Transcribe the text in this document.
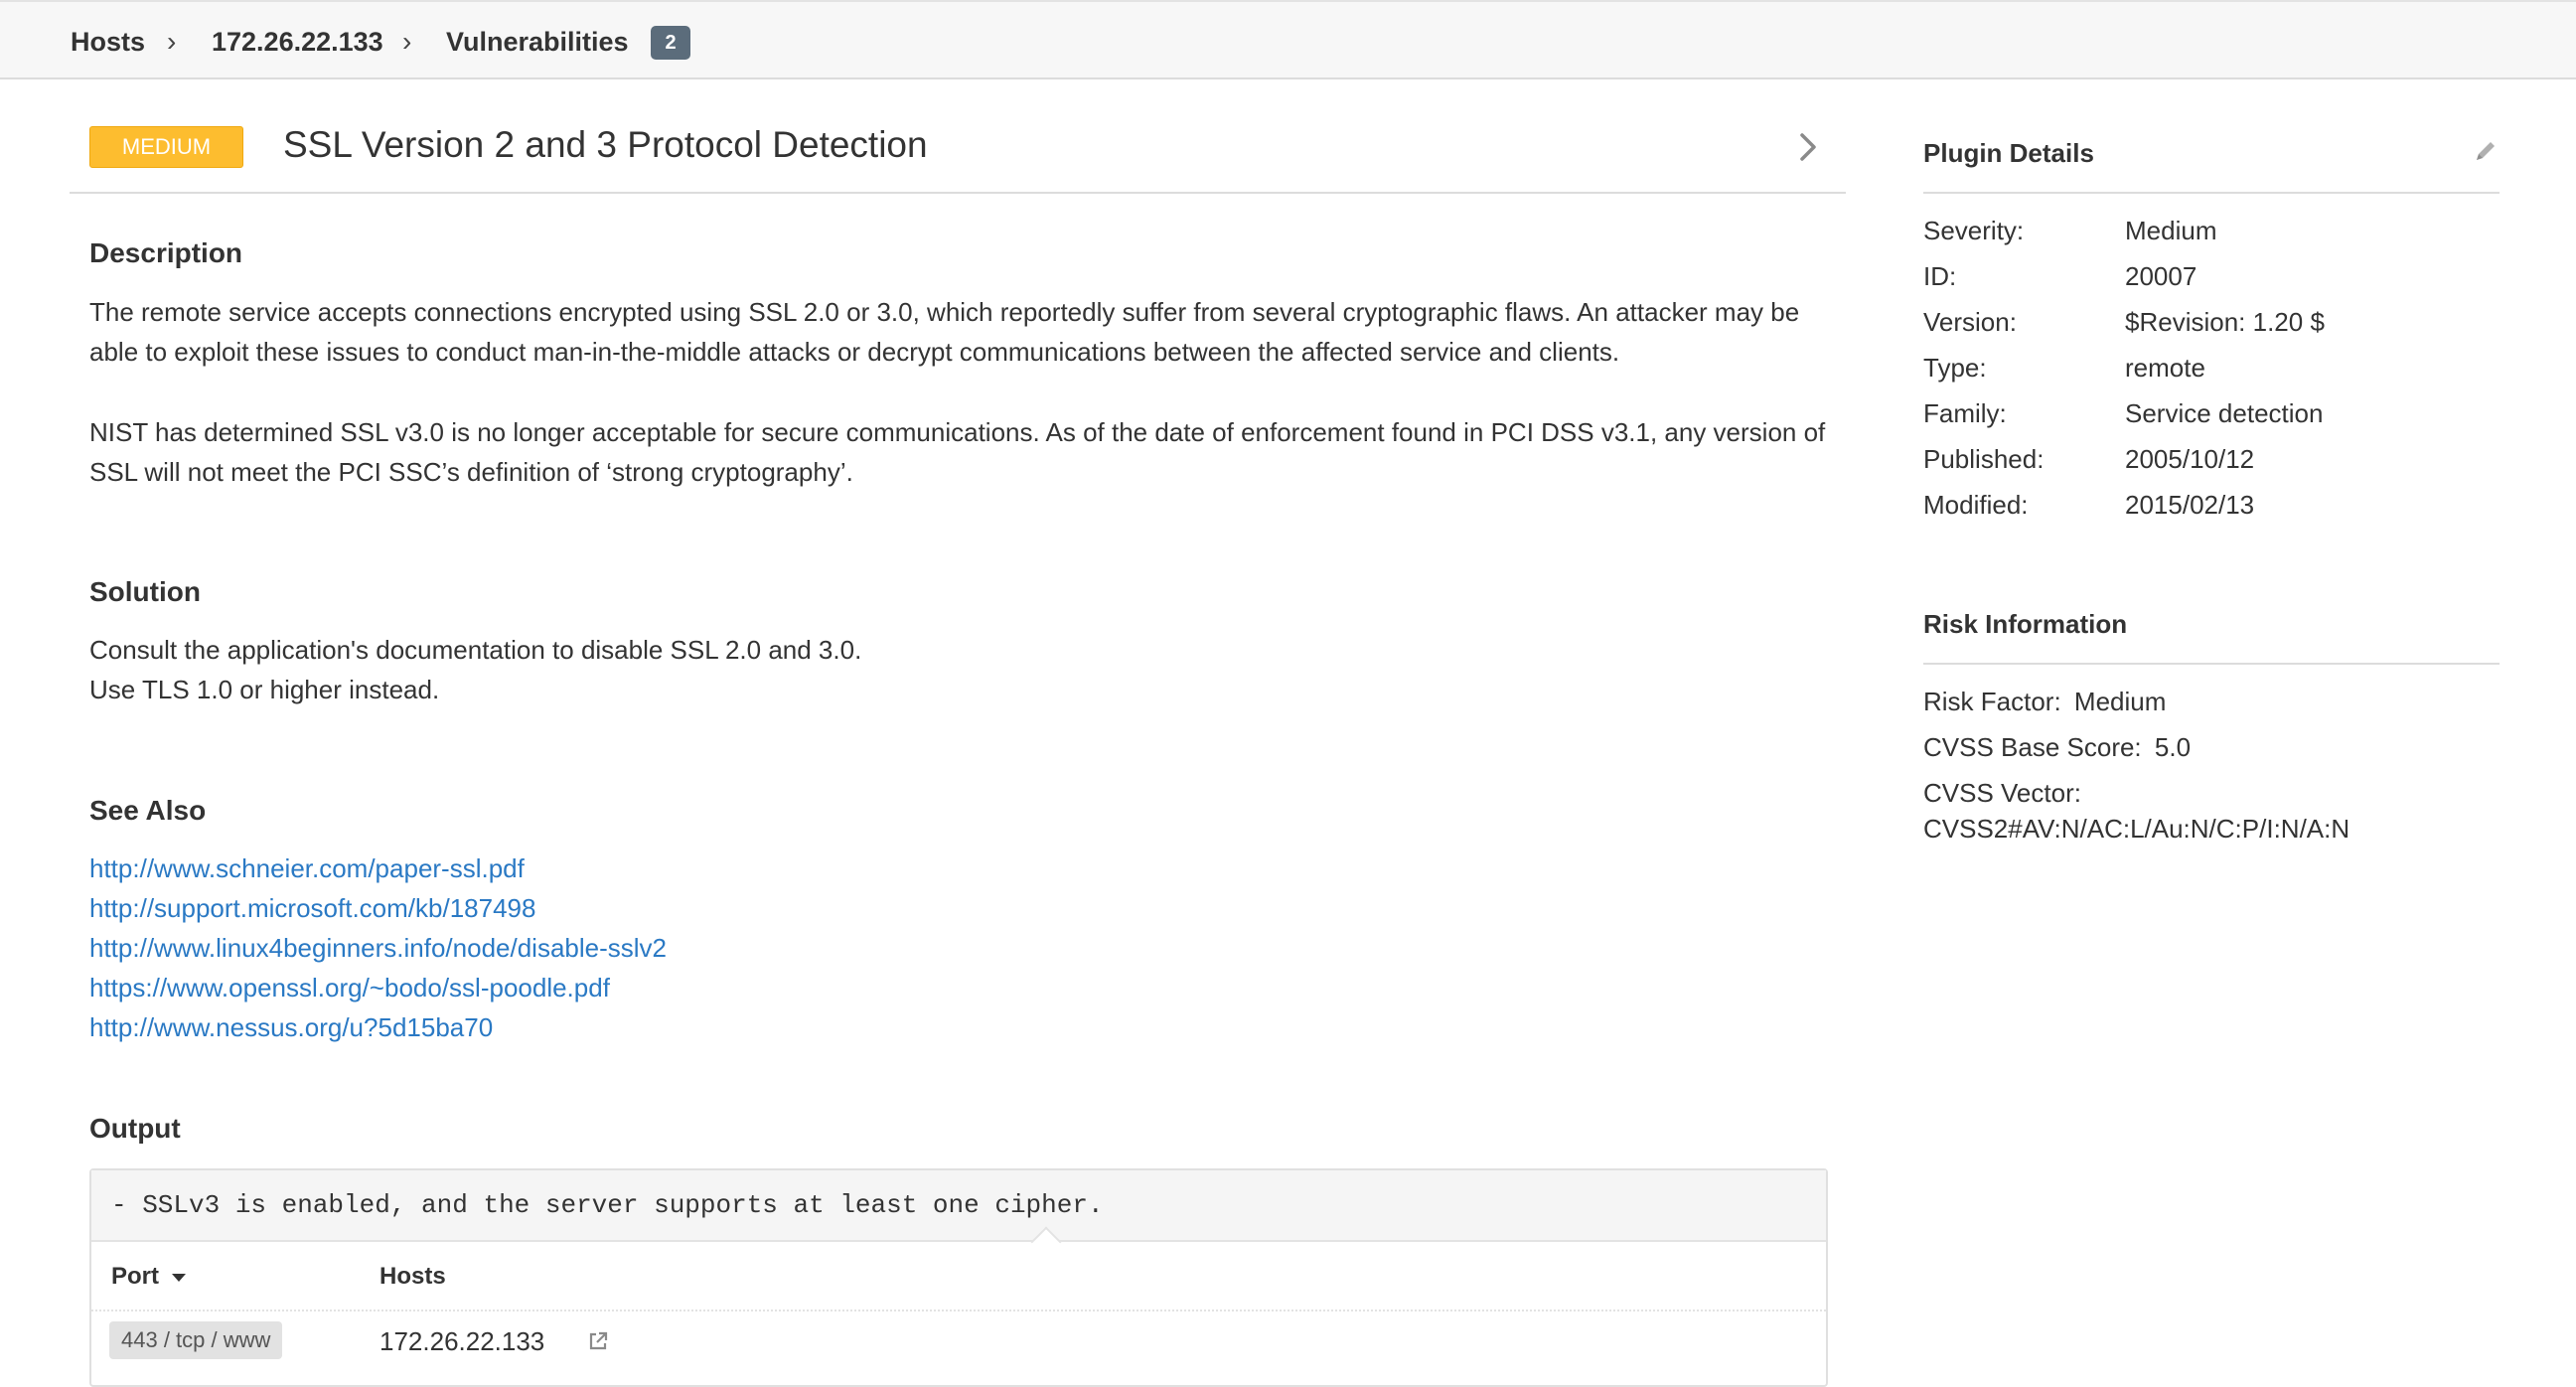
Hosts › 172.26.22.133 › Vulnerabilities	2
MEDIUM	SSL Version 2 and 3 Protocol Detection
Description
The remote service accepts connections encrypted using SSL 2.0 or 3.0, which reportedly suffer from several cryptographic flaws. An attacker may be able to exploit these issues to conduct man-in-the-middle attacks or decrypt communications between the affected service and clients.
NIST has determined SSL v3.0 is no longer acceptable for secure communications. As of the date of enforcement found in PCI DSS v3.1, any version of SSL will not meet the PCI SSC’s definition of ‘strong cryptography’.
Solution
Consult the application's documentation to disable SSL 2.0 and 3.0.
Use TLS 1.0 or higher instead.
See Also
http://www.schneier.com/paper-ssl.pdf
http://support.microsoft.com/kb/187498
http://www.linux4beginners.info/node/disable-sslv2
https://www.openssl.org/~bodo/ssl-poodle.pdf
http://www.nessus.org/u?5d15ba70
Output
- SSLv3 is enabled, and the server supports at least one cipher.
Port	Hosts
443 / tcp / www	172.26.22.133
Plugin Details
Severity:	Medium
ID:	20007
Version:	$Revision: 1.20 $
Type:	remote
Family:	Service detection
Published:	2005/10/12
Modified:	2015/02/13
Risk Information
Risk Factor: Medium
CVSS Base Score: 5.0
CVSS Vector:
CVSS2#AV:N/AC:L/Au:N/C:P/I:N/A:N
